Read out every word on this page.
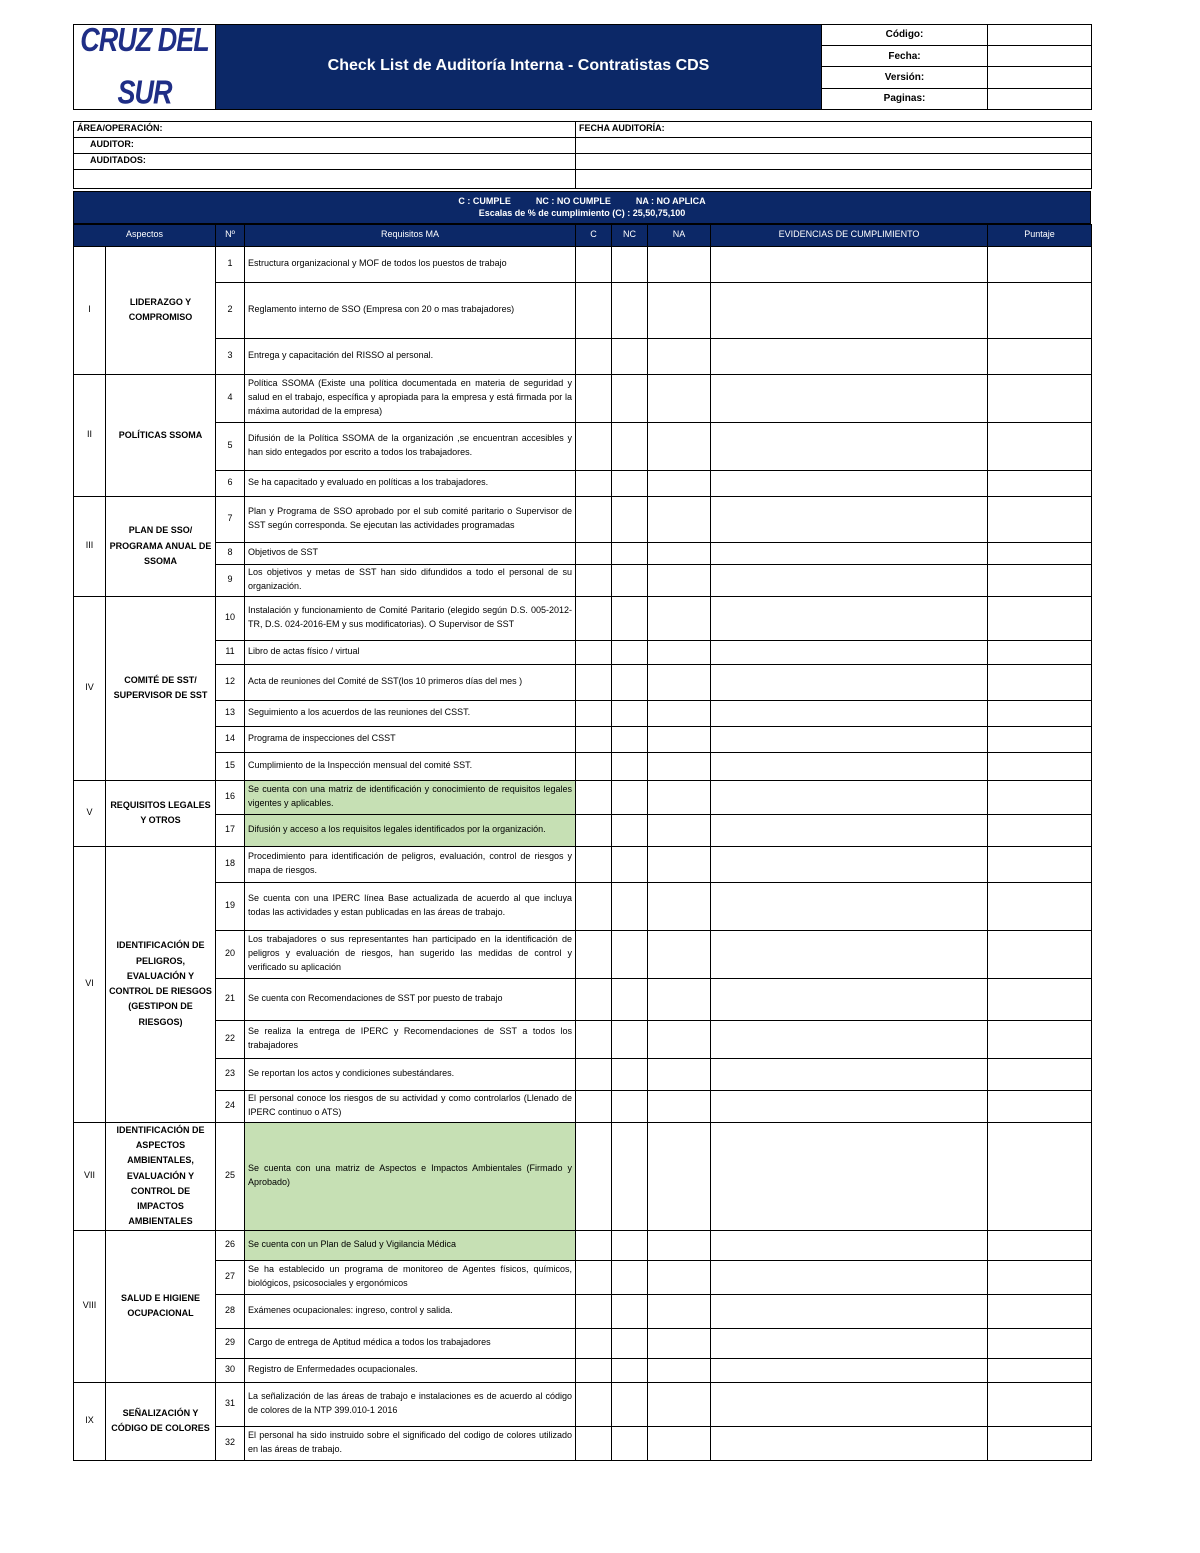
CRUZ DEL SUR	Check List de Auditoría Interna - Contratistas CDS	Código:	
		Fecha:	
		Versión:	
		Paginas:	
ÁREA/OPERACIÓN:	FECHA AUDITORÍA:
AUDITOR:	
AUDITADOS:	

C : CUMPLE          NC : NO CUMPLE          NA : NO APLICA
Escalas de % de cumplimiento (C) : 25,50,75,100
Aspectos		Nº	Requisitos MA	C	NC	NA	EVIDENCIAS DE CUMPLIMIENTO	Puntaje
I	LIDERAZGO Y COMPROMISO	1	Estructura organizacional y MOF de todos los puestos de trabajo					
		2	Reglamento interno de SSO (Empresa con 20 o mas trabajadores)					
		3	Entrega y capacitación del RISSO al personal.					
II	POLÍTICAS SSOMA	4	Política SSOMA (Existe una política documentada en materia de seguridad y salud en el trabajo, específica y apropiada para la empresa y está firmada por la máxima autoridad de la empresa)					
		5	Difusión de la Política SSOMA de la organización ,se encuentran accesibles y han sido entegados por escrito a todos los trabajadores.					
		6	Se ha capacitado y evaluado en políticas a los trabajadores.					
III	PLAN DE SSO/ PROGRAMA ANUAL DE SSOMA	7	Plan y Programa de SSO aprobado por el sub comité paritario o Supervisor de SST según corresponda. Se ejecutan las actividades programadas					
		8	Objetivos de SST					
		9	Los objetivos y metas de SST han sido difundidos a todo el personal de su organización.					
IV	COMITÉ DE SST/ SUPERVISOR DE SST	10	Instalación y funcionamiento de Comité Paritario (elegido según D.S. 005-2012-TR, D.S. 024-2016-EM y sus modificatorias). O Supervisor de SST					
		11	Libro de actas físico / virtual					
		12	Acta de reuniones del Comité de SST(los 10 primeros días del mes )					
		13	Seguimiento a los acuerdos de las reuniones del CSST.					
		14	Programa de inspecciones del CSST					
		15	Cumplimiento de la Inspección mensual del comité SST.					
V	REQUISITOS LEGALES Y OTROS	16	Se cuenta con una matriz de identificación y conocimiento de requisitos legales vigentes y aplicables.					
		17	Difusión y acceso a los requisitos legales identificados por la organización.					
VI	IDENTIFICACIÓN DE PELIGROS, EVALUACIÓN Y CONTROL DE RIESGOS (GESTIPON DE RIESGOS)	18	Procedimiento para identificación de peligros, evaluación, control de riesgos y mapa de riesgos.					
		19	Se cuenta con una IPERC línea Base actualizada de acuerdo al que incluya todas las actividades y estan publicadas en las áreas de trabajo.					
		20	Los trabajadores o sus representantes han participado en la identificación de peligros y evaluación de riesgos, han sugerido las medidas de control y verificado su aplicación					
		21	Se cuenta con Recomendaciones de SST por puesto de trabajo					
		22	Se realiza la entrega de IPERC y Recomendaciones de SST a todos los trabajadores					
		23	Se reportan los actos y condiciones subestándares.					
		24	El personal conoce los riesgos de su actividad y como controlarlos (Llenado de IPERC continuo o ATS)					
VII	IDENTIFICACIÓN DE ASPECTOS AMBIENTALES, EVALUACIÓN Y CONTROL DE IMPACTOS AMBIENTALES	25	Se cuenta con una matriz de Aspectos e Impactos Ambientales (Firmado y Aprobado)					
VIII	SALUD E HIGIENE OCUPACIONAL	26	Se cuenta con un Plan de Salud y Vigilancia Médica					
		27	Se ha establecido un programa de monitoreo de Agentes físicos, químicos, biológicos, psicosociales y ergonómicos					
		28	Exámenes ocupacionales: ingreso, control y salida.					
		29	Cargo de entrega de Aptitud médica a todos los trabajadores					
		30	Registro de Enfermedades ocupacionales.					
IX	SEÑALIZACIÓN Y CÓDIGO DE COLORES	31	La señalización de las áreas de trabajo e instalaciones es de acuerdo al código de colores de la NTP 399.010-1 2016					
		32	El personal ha sido instruido sobre el significado del codigo de colores utilizado en las áreas de trabajo.					
